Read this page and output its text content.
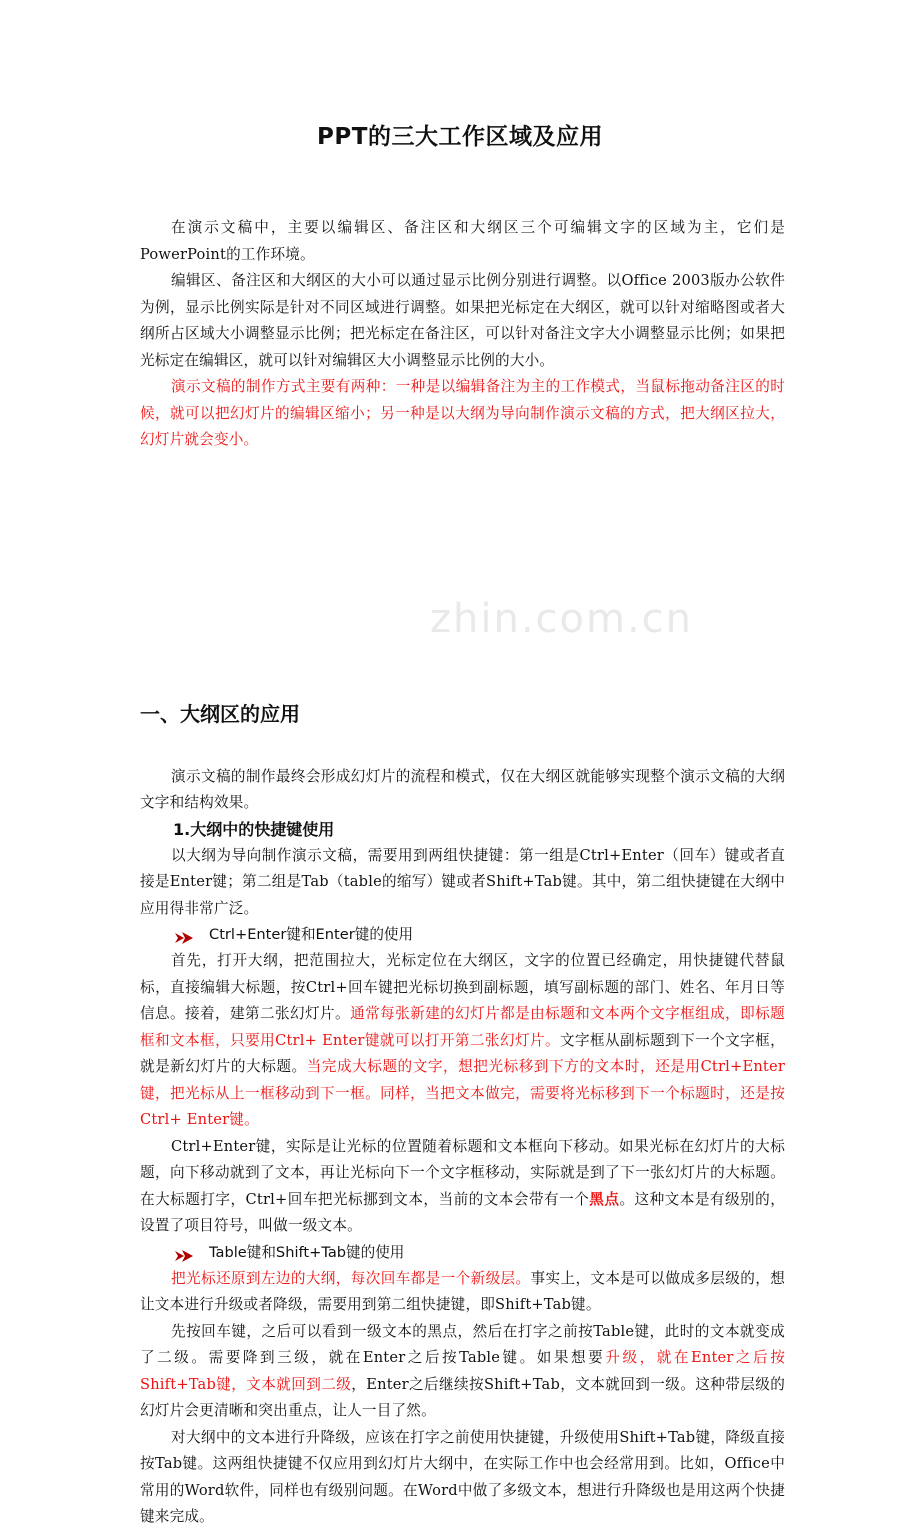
zhin.com.cn
PPT的三大工作区域及应用

在演示文稿中，主要以编辑区、备注区和大纲区三个可编辑文字的区域为主，它们是PowerPoint的工作环境。

编辑区、备注区和大纲区的大小可以通过显示比例分别进行调整。以Office 2003版办公软件为例，显示比例实际是针对不同区域进行调整。如果把光标定在大纲区，就可以针对缩略图或者大纲所占区域大小调整显示比例；把光标定在备注区，可以针对备注文字大小调整显示比例；如果把光标定在编辑区，就可以针对编辑区大小调整显示比例的大小。

演示文稿的制作方式主要有两种：一种是以编辑备注为主的工作模式，当鼠标拖动备注区的时候，就可以把幻灯片的编辑区缩小；另一种是以大纲为导向制作演示文稿的方式，把大纲区拉大，幻灯片就会变小。

一、大纲区的应用

演示文稿的制作最终会形成幻灯片的流程和模式，仅在大纲区就能够实现整个演示文稿的大纲文字和结构效果。

1.大纲中的快捷键使用

以大纲为导向制作演示文稿，需要用到两组快捷键：第一组是Ctrl+Enter（回车）键或者直接是Enter键；第二组是Tab（table的缩写）键或者Shift+Tab键。其中，第二组快捷键在大纲中应用得非常广泛。

Ctrl+Enter键和Enter键的使用

首先，打开大纲，把范围拉大，光标定位在大纲区，文字的位置已经确定，用快捷键代替鼠标，直接编辑大标题，按Ctrl+回车键把光标切换到副标题，填写副标题的部门、姓名、年月日等信息。接着，建第二张幻灯片。通常每张新建的幻灯片都是由标题和文本两个文字框组成，即标题框和文本框，只要用Ctrl+ Enter键就可以打开第二张幻灯片。文字框从副标题到下一个文字框，就是新幻灯片的大标题。当完成大标题的文字，想把光标移到下方的文本时，还是用Ctrl+Enter键，把光标从上一框移动到下一框。同样，当把文本做完，需要将光标移到下一个标题时，还是按Ctrl+ Enter键。

Ctrl+Enter键，实际是让光标的位置随着标题和文本框向下移动。如果光标在幻灯片的大标题，向下移动就到了文本，再让光标向下一个文字框移动，实际就是到了下一张幻灯片的大标题。在大标题打字，Ctrl+回车把光标挪到文本，当前的文本会带有一个黑点。这种文本是有级别的，设置了项目符号，叫做一级文本。

Table键和Shift+Tab键的使用

把光标还原到左边的大纲，每次回车都是一个新级层。事实上，文本是可以做成多层级的，想让文本进行升级或者降级，需要用到第二组快捷键，即Shift+Tab键。

先按回车键，之后可以看到一级文本的黑点，然后在打字之前按Table键，此时的文本就变成了二级。需要降到三级，就在Enter之后按Table键。如果想要升级，就在Enter之后按Shift+Tab键，文本就回到二级，Enter之后继续按Shift+Tab，文本就回到一级。这种带层级的幻灯片会更清晰和突出重点，让人一目了然。

对大纲中的文本进行升降级，应该在打字之前使用快捷键，升级使用Shift+Tab键，降级直接按Tab键。这两组快捷键不仅应用到幻灯片大纲中，在实际工作中也会经常用到。比如，Office中常用的Word软件，同样也有级别问题。在Word中做了多级文本，想进行升降级也是用这两个快捷键来完成。
